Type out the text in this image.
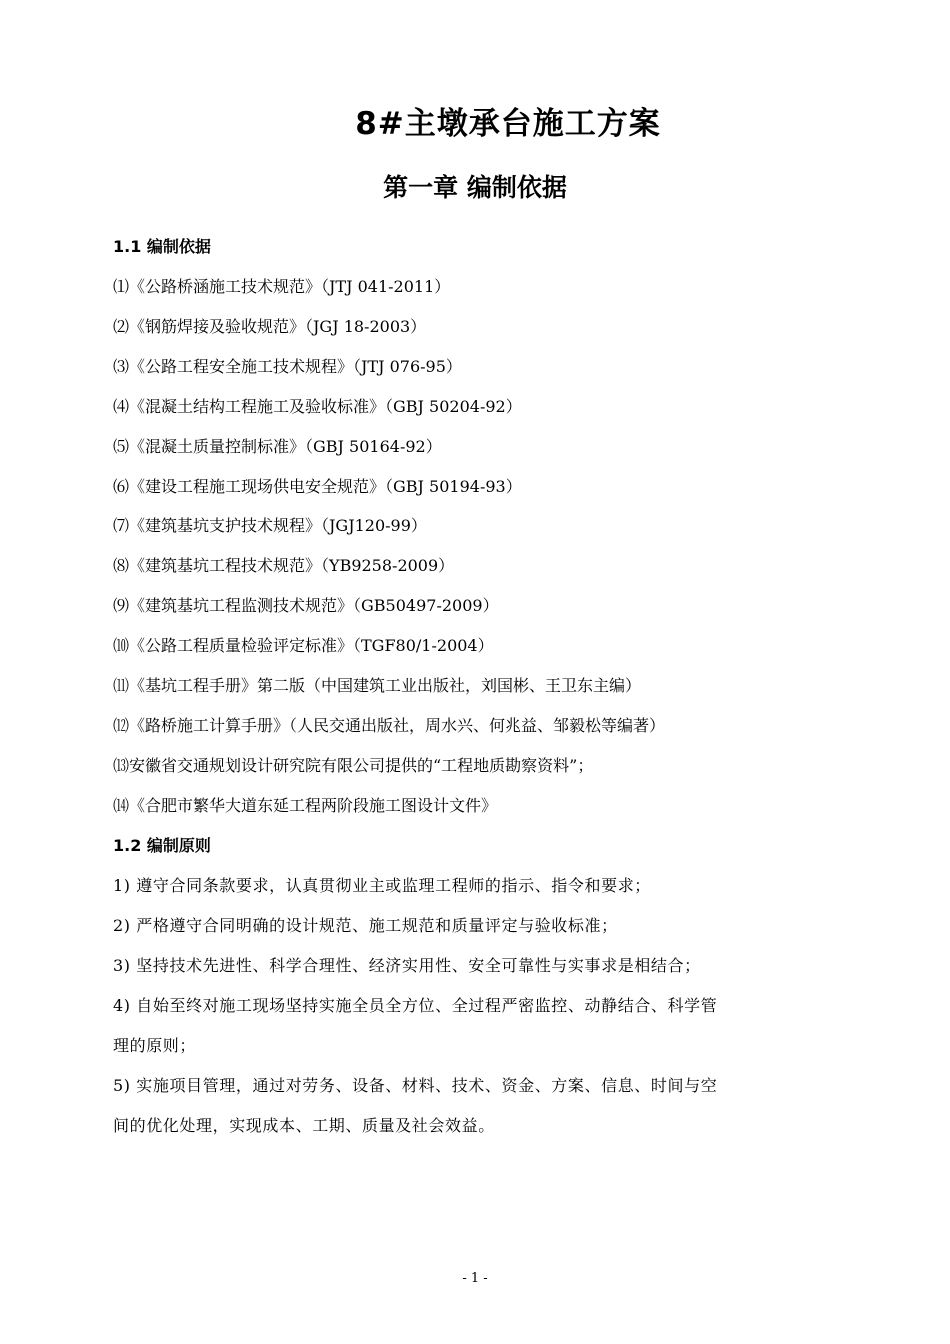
8#主墩承台施工方案
第一章 编制依据
1.1 编制依据
⑴《公路桥涵施工技术规范》（JTJ 041-2011）
⑵《钢筋焊接及验收规范》（JGJ 18-2003）
⑶《公路工程安全施工技术规程》（JTJ 076-95）
⑷《混凝土结构工程施工及验收标准》（GBJ 50204-92）
⑸《混凝土质量控制标准》（GBJ 50164-92）
⑹《建设工程施工现场供电安全规范》（GBJ 50194-93）
⑺《建筑基坑支护技术规程》（JGJ120-99）
⑻《建筑基坑工程技术规范》（YB9258-2009）
⑼《建筑基坑工程监测技术规范》（GB50497-2009）
⑽《公路工程质量检验评定标准》（TGF80/1-2004）
⑾《基坑工程手册》第二版（中国建筑工业出版社，刘国彬、王卫东主编）
⑿《路桥施工计算手册》（人民交通出版社，周水兴、何兆益、邹毅松等编著）
⒀安徽省交通规划设计研究院有限公司提供的“工程地质勘察资料”；
⒁《合肥市繁华大道东延工程两阶段施工图设计文件》
1.2 编制原则
1) 遵守合同条款要求，认真贯彻业主或监理工程师的指示、指令和要求；
2) 严格遵守合同明确的设计规范、施工规范和质量评定与验收标准；
3) 坚持技术先进性、科学合理性、经济实用性、安全可靠性与实事求是相结合；
4) 自始至终对施工现场坚持实施全员全方位、全过程严密监控、动静结合、科学管
理的原则；
5) 实施项目管理，通过对劳务、设备、材料、技术、资金、方案、信息、时间与空
间的优化处理，实现成本、工期、质量及社会效益。
- 1 -
